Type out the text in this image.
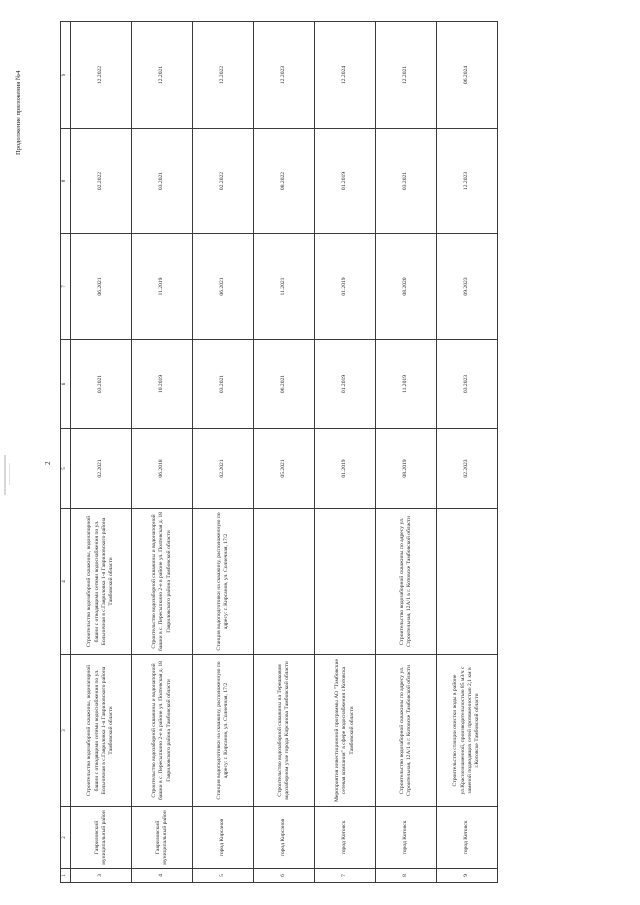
2
Продолжение приложения №4
1	2	3	4	5	6	7	8	9
3	Гавриловский муниципальный район	Строительство водозаборной скважины, водонапорной башни с отводящими сетями водоснабжения по ул. Больничная в с.Гавриловка 1-я Гавриловского района Тамбовской области	Строительство водозаборной скважины, водонапорной башни с отводящими сетями водоснабжения по ул. Больничная в с.Гавриловка 1-я Гавриловского района Тамбовской области	02.2021	03.2021	06.2021	02.2022	12.2022
4	Гавриловский муниципальный район	Строительство водозаборной скважины и водонапорной башни в с. Пересыпкино 2-е в районе ул. Полтевская д. 18 Гавриловского района Тамбовской области	Строительство водозаборной скважины и водонапорной башни в с. Пересыпкино 2-е в районе ул. Полтевская д. 18 Гавриловского района Тамбовской области	06.2018	10.2019	11.2019	03.2021	12.2021
5	город Кирсанов	Станция водоподготовки на скважину, расположенную по адресу: г. Кирсанов, ул. Солнечная, 17/2	Станция водоподготовки на скважину, расположенную по адресу: г. Кирсанов, ул. Солнечная, 17/2	02.2021	03.2021	06.2021	02.2022	12.2022
6	город Кирсанов	Строительство водозаборной скважины на Терешковом водозаборном узле города Кирсанова Тамбовской области		05.2021	06.2021	11.2021	08.2022	12.2023
7	город Котовск	Мероприятия инвестиционной программы АО "Тамбовские сетевая компания" в сфере водоснабжения г.Котовска Тамбовской области		01.2019	01.2019	01.2019	01.2019	12.2024
8	город Котовск	Строительство водозаборной скважины по адресу ул. Строительная, 12А/1 в г. Котовске Тамбовской области	Строительство водозаборной скважины по адресу ул. Строительная, 12А/1 в г. Котовске Тамбовской области	08.2019	11.2019	08.2020	03.2021	12.2021
9	город Котовск	Строительство станции очистки воды в районе ул.Краснознаменной, производительностью 85 м3/ч с заменой подводящих сетей протяженностью 2,1 км в г.Котовске Тамбовской области		02.2023	03.2023	09.2023	12.2023	06.2024
